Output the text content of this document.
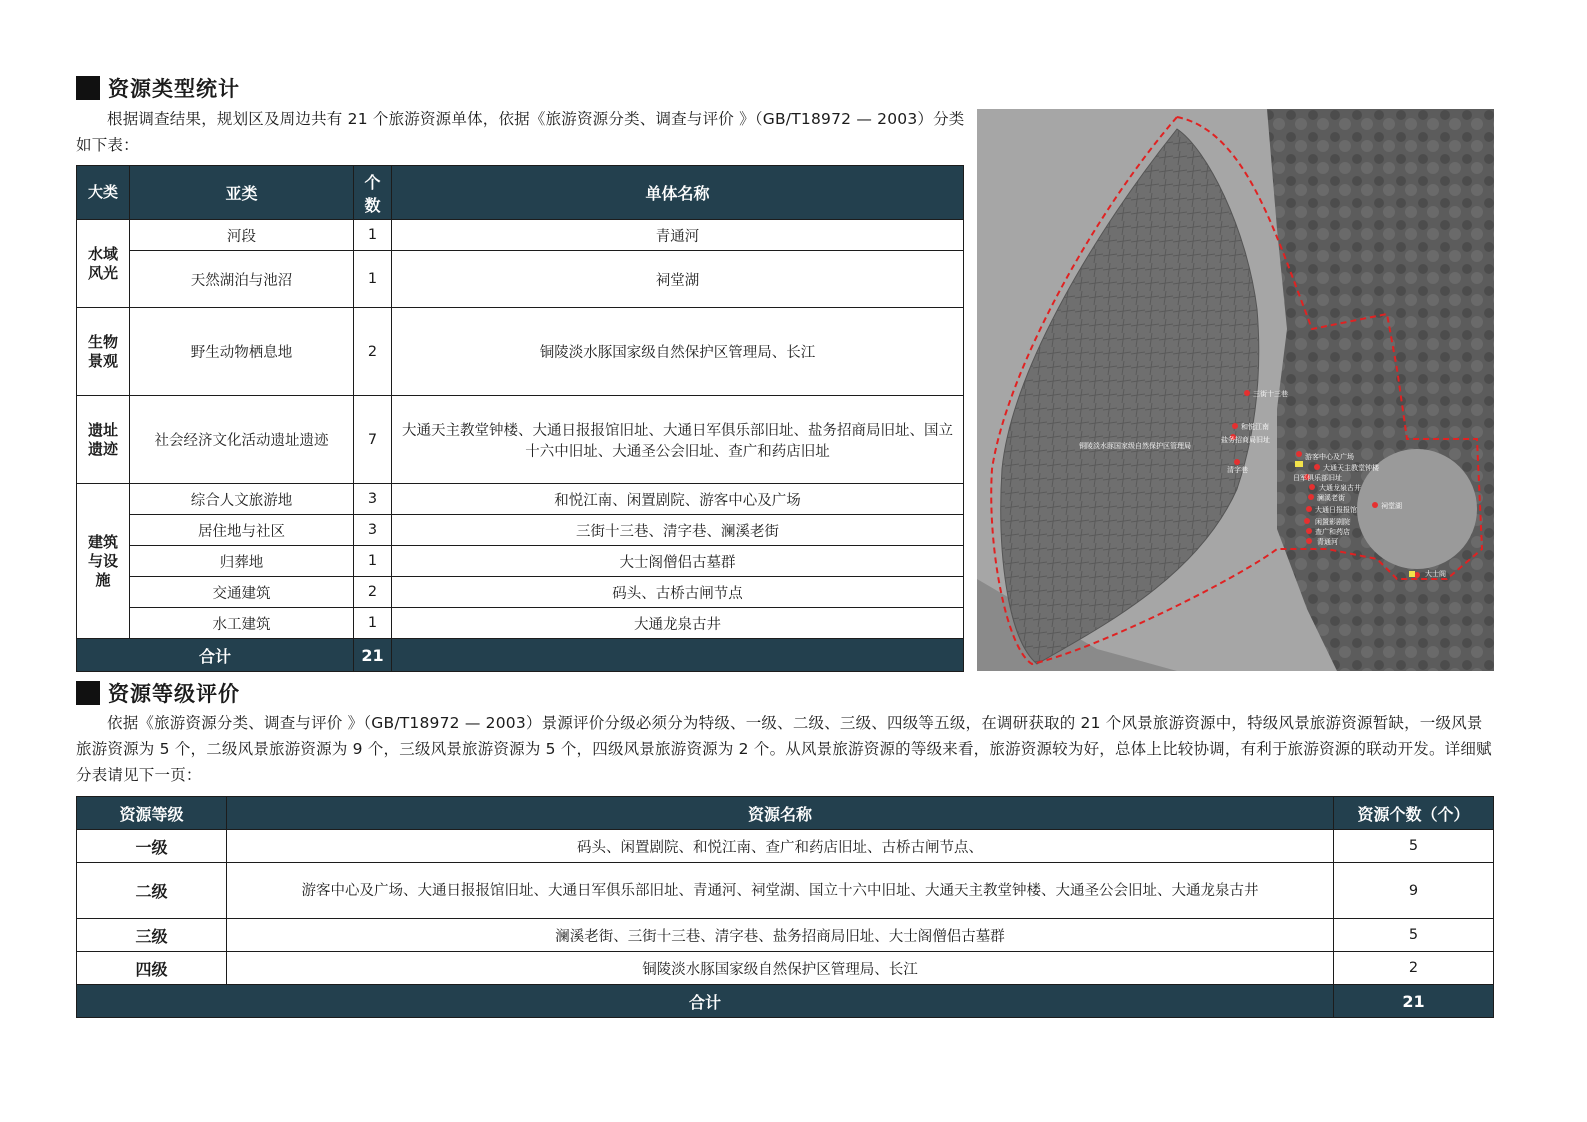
资源类型统计
根据调查结果，规划区及周边共有 21 个旅游资源单体，依据《旅游资源分类、调查与评价 》（GB/T18972 — 2003）分类如下表：
大类	亚类	个数	单体名称
水域风光	河段	1	青通河
	天然湖泊与池沼	1	祠堂湖
生物景观	野生动物栖息地	2	铜陵淡水豚国家级自然保护区管理局、长江
遗址遗迹	社会经济文化活动遗址遗迹	7	大通天主教堂钟楼、大通日报报馆旧址、大通日军俱乐部旧址、盐务招商局旧址、国立十六中旧址、大通圣公会旧址、查广和药店旧址
建筑与设施	综合人文旅游地	3	和悦江南、闲置剧院、游客中心及广场
	居住地与社区	3	三街十三巷、清字巷、澜溪老街
	归葬地	1	大士阁僧侣古墓群
	交通建筑	2	码头、古桥古闸节点
	水工建筑	1	大通龙泉古井
合计		21	
三街十三巷
和悦江南
盐务招商局旧址
铜陵淡水豚国家级自然保护区管理局
清字巷
游客中心及广场
大通天主教堂钟楼
日军俱乐部旧址
大通龙泉古井
澜溪老街
大通日报报馆
闲置影剧院
查广和药店
祠堂湖
青通河
大士阁
资源等级评价
依据《旅游资源分类、调查与评价 》（GB/T18972 — 2003）景源评价分级必须分为特级、一级、二级、三级、四级等五级，在调研获取的 21 个风景旅游资源中，特级风景旅游资源暂缺，一级风景旅游资源为 5 个，二级风景旅游资源为 9 个，三级风景旅游资源为 5 个，四级风景旅游资源为 2 个。从风景旅游资源的等级来看，旅游资源较为好，总体上比较协调，有利于旅游资源的联动开发。详细赋分表请见下一页：
资源等级	资源名称	资源个数（个）
一级	码头、闲置剧院、和悦江南、查广和药店旧址、古桥古闸节点、	5
二级	游客中心及广场、大通日报报馆旧址、大通日军俱乐部旧址、青通河、祠堂湖、国立十六中旧址、大通天主教堂钟楼、大通圣公会旧址、大通龙泉古井	9
三级	澜溪老街、三街十三巷、清字巷、盐务招商局旧址、大士阁僧侣古墓群	5
四级	铜陵淡水豚国家级自然保护区管理局、长江	2
合计		21
